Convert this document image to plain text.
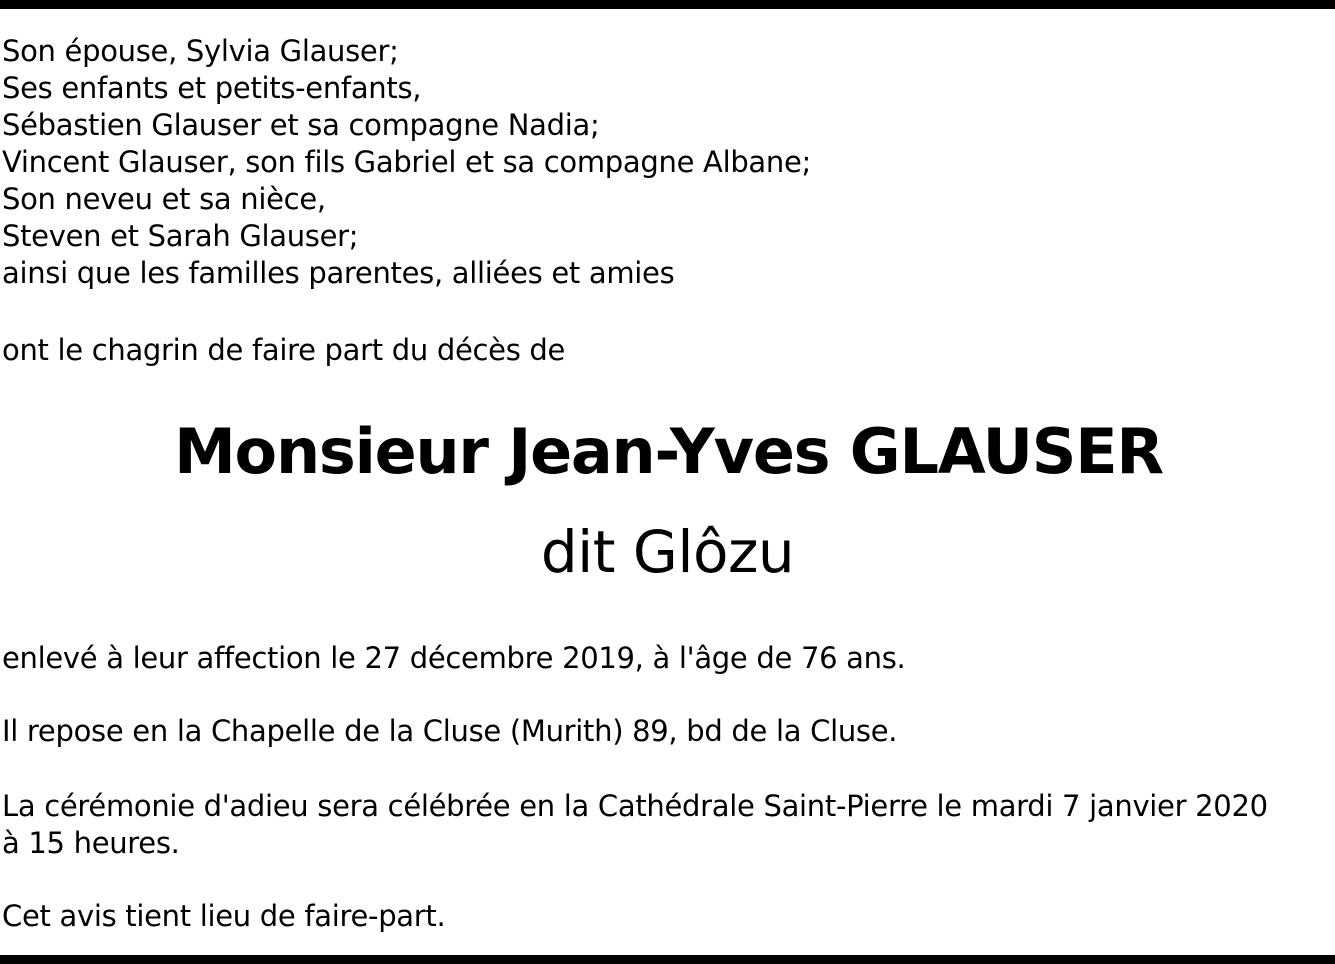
Son épouse, Sylvia Glauser;
Ses enfants et petits-enfants,
Sébastien Glauser et sa compagne Nadia;
Vincent Glauser, son fils Gabriel et sa compagne Albane;
Son neveu et sa nièce,
Steven et Sarah Glauser;
ainsi que les familles parentes, alliées et amies
ont le chagrin de faire part du décès de
Monsieur Jean-Yves GLAUSER
dit Glôzu
enlevé à leur affection le 27 décembre 2019, à l'âge de 76 ans.
Il repose en la Chapelle de la Cluse (Murith) 89, bd de la Cluse.
La cérémonie d'adieu sera célébrée en la Cathédrale Saint-Pierre le mardi 7 janvier 2020
à 15 heures.
Cet avis tient lieu de faire-part.
